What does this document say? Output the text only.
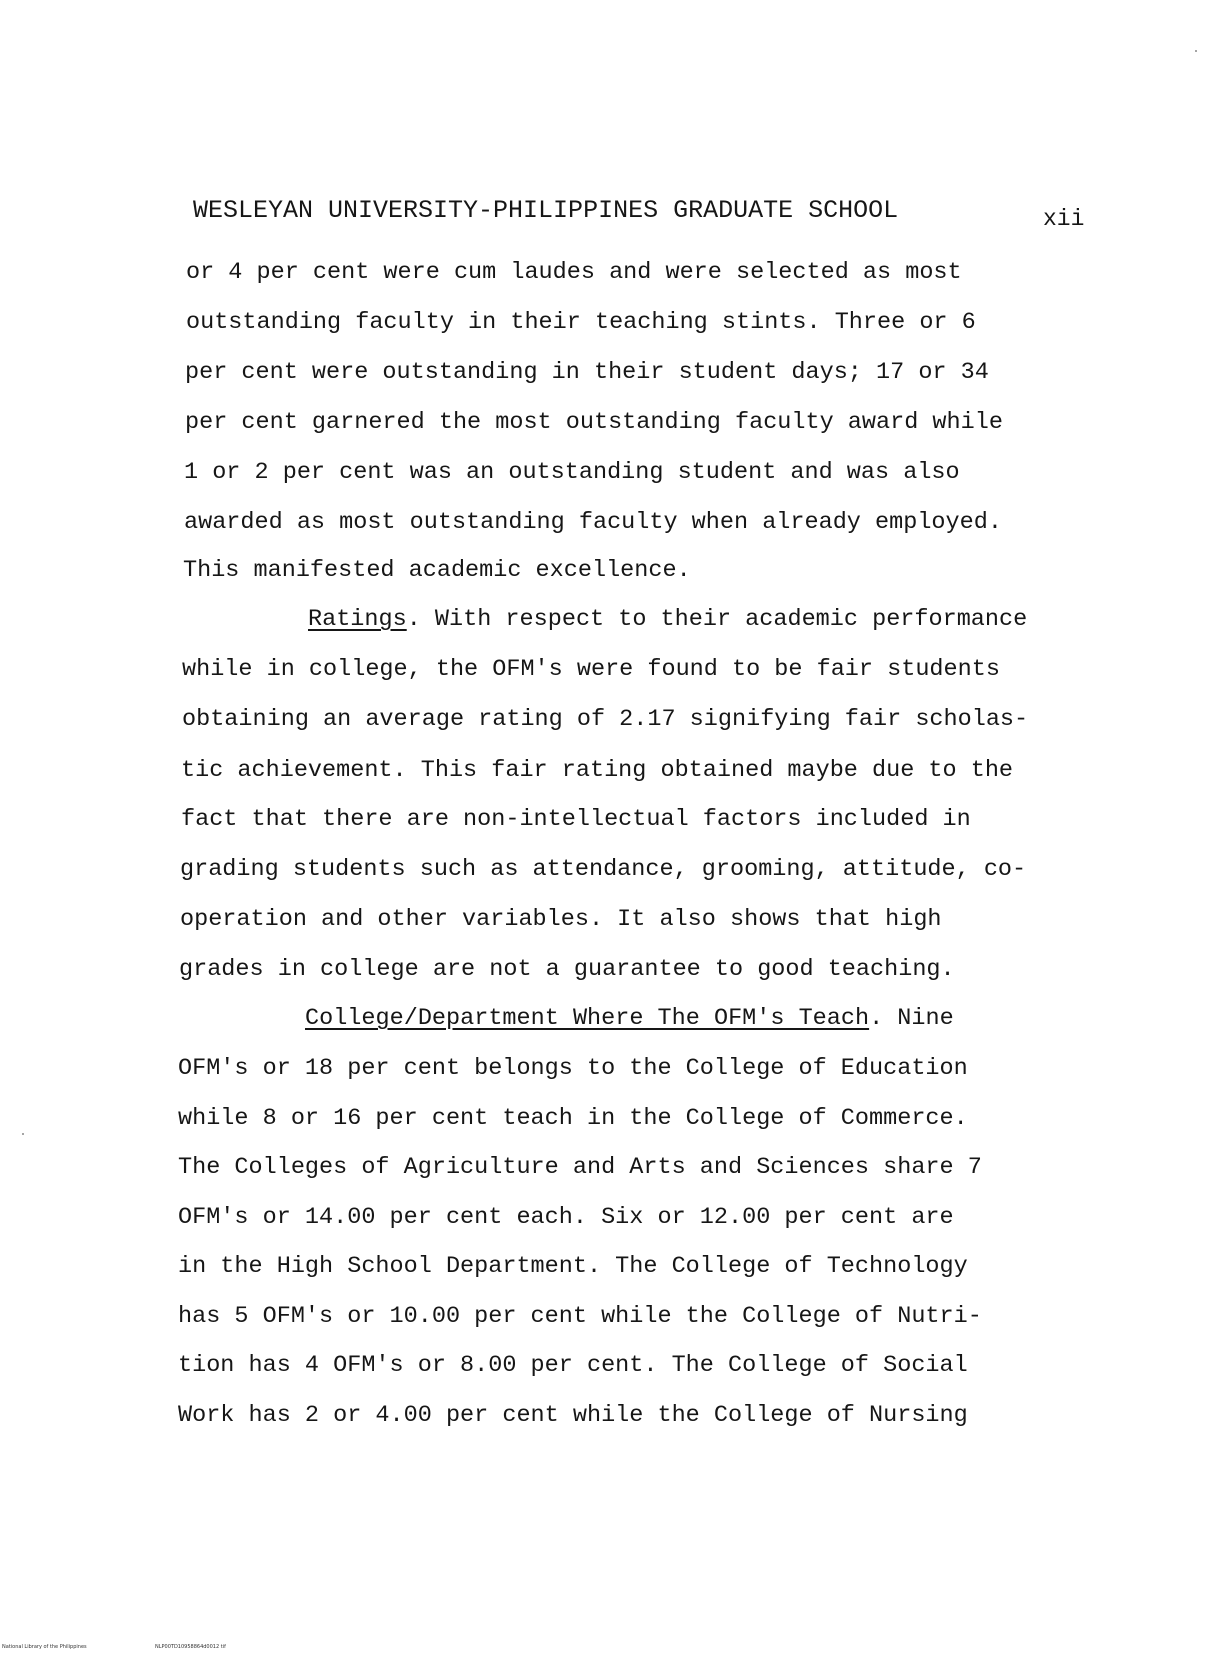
WESLEYAN UNIVERSITY-PHILIPPINES GRADUATE SCHOOL	xii
or 4 per cent were cum laudes and were selected as most
outstanding faculty in their teaching stints. Three or 6
per cent were outstanding in their student days; 17 or 34
per cent garnered the most outstanding faculty award while
1 or 2 per cent was an outstanding student and was also
awarded as most outstanding faculty when already employed.
This manifested academic excellence.
Ratings. With respect to their academic performance
while in college, the OFM's were found to be fair students
obtaining an average rating of 2.17 signifying fair scholas-
tic achievement. This fair rating obtained maybe due to the
fact that there are non-intellectual factors included in
grading students such as attendance, grooming, attitude, co-
operation and other variables. It also shows that high
grades in college are not a guarantee to good teaching.
College/Department Where The OFM's Teach. Nine
OFM's or 18 per cent belongs to the College of Education
while 8 or 16 per cent teach in the College of Commerce.
The Colleges of Agriculture and Arts and Sciences share 7
OFM's or 14.00 per cent each. Six or 12.00 per cent are
in the High School Department. The College of Technology
has 5 OFM's or 10.00 per cent while the College of Nutri-
tion has 4 OFM's or 8.00 per cent. The College of Social
Work has 2 or 4.00 per cent while the College of Nursing
National Library of the Philippines	NLP00TD10958864d0012 tif
